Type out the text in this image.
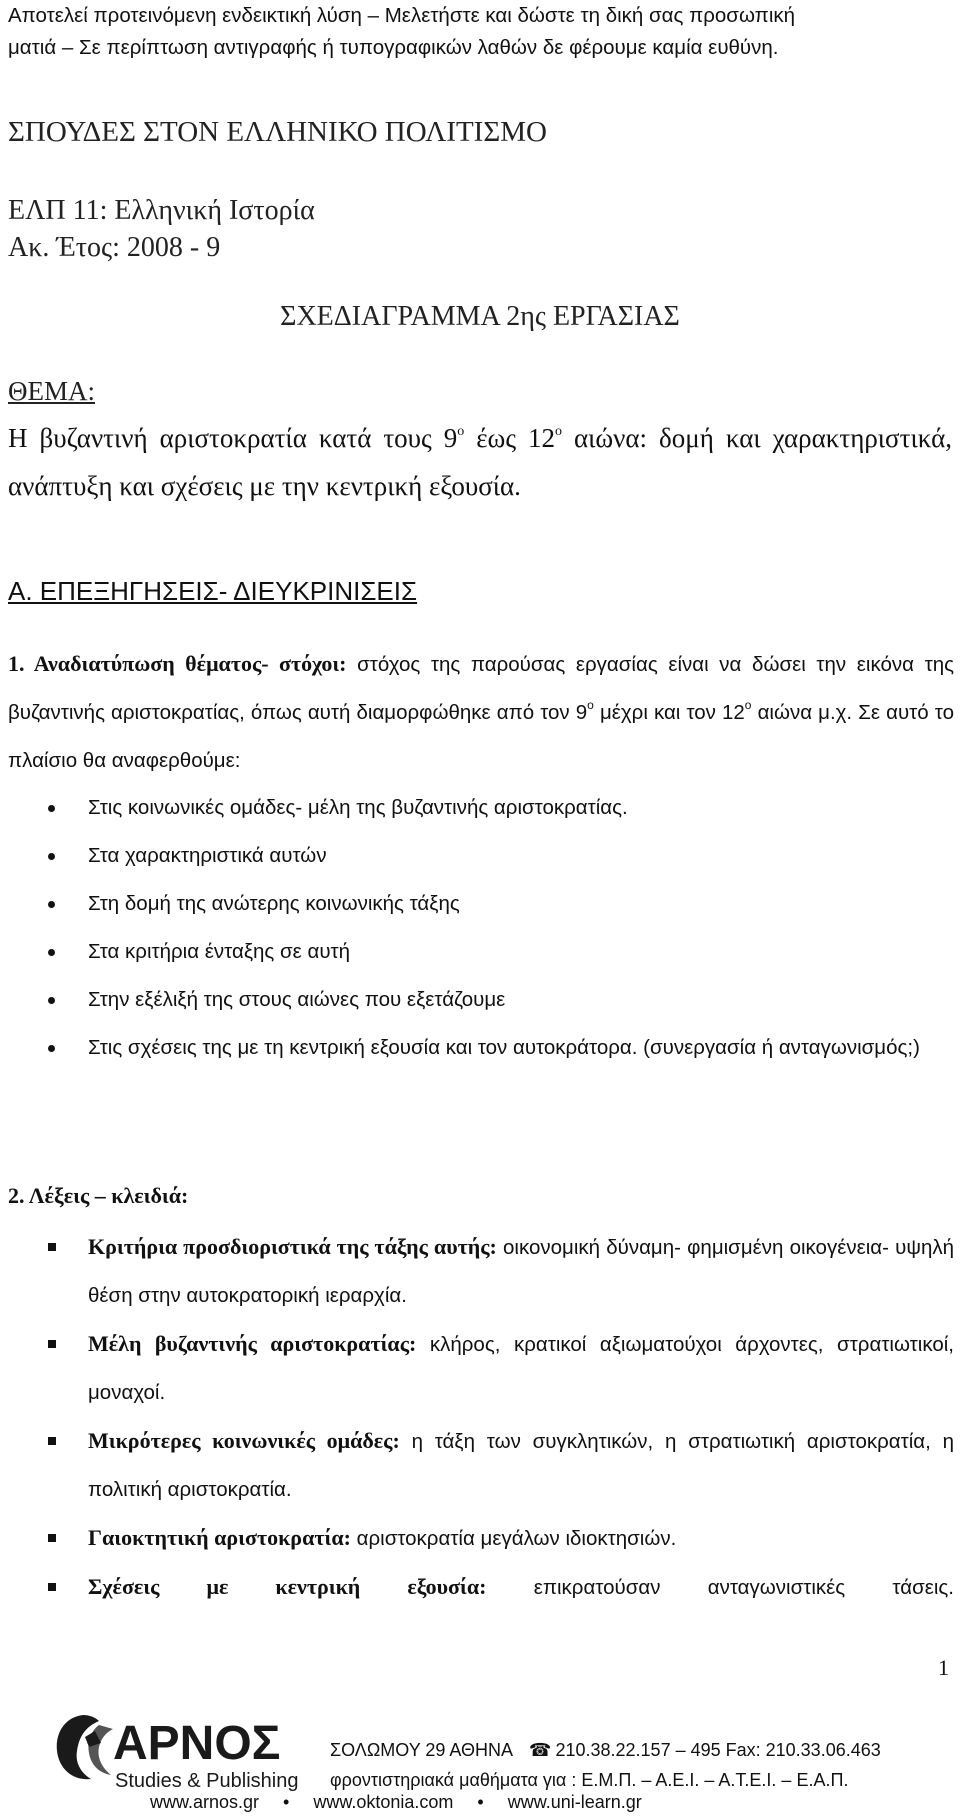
Αποτελεί προτεινόμενη ενδεικτική λύση – Μελετήστε και δώστε τη δική σας προσωπική
ματιά – Σε περίπτωση αντιγραφής ή τυπογραφικών λαθών δε φέρουμε καμία ευθύνη.
ΣΠΟΥΔΕΣ ΣΤΟΝ ΕΛΛΗΝΙΚΟ ΠΟΛΙΤΙΣΜΟ
ΕΛΠ 11: Ελληνική Ιστορία
Ακ. Έτος: 2008 - 9
ΣΧΕΔΙΑΓΡΑΜΜΑ 2ης ΕΡΓΑΣΙΑΣ
ΘΕΜΑ:
Η βυζαντινή αριστοκρατία κατά τους $9^o$ έως $12^o$ αιώνα: δομή και χαρακτηριστικά, ανάπτυξη και σχέσεις με την κεντρική εξουσία.
Α. ΕΠΕΞΗΓΗΣΕΙΣ- ΔΙΕΥΚΡΙΝΙΣΕΙΣ
1. Αναδιατύπωση θέματος- στόχοι: στόχος της παρούσας εργασίας είναι να δώσει την εικόνα της βυζαντινής αριστοκρατίας, όπως αυτή διαμορφώθηκε από τον $9^o$ μέχρι και τον $12^o$ αιώνα μ.χ. Σε αυτό το πλαίσιο θα αναφερθούμε:
Στις κοινωνικές ομάδες- μέλη της βυζαντινής αριστοκρατίας.
Στα χαρακτηριστικά αυτών
Στη δομή της ανώτερης κοινωνικής τάξης
Στα κριτήρια ένταξης σε αυτή
Στην εξέλιξή της στους αιώνες που εξετάζουμε
Στις σχέσεις της με τη κεντρική εξουσία και τον αυτοκράτορα. (συνεργασία ή ανταγωνισμός;)
2. Λέξεις – κλειδιά:
Κριτήρια προσδιοριστικά της τάξης αυτής: οικονομική δύναμη- φημισμένη οικογένεια- υψηλή θέση στην αυτοκρατορική ιεραρχία.
Μέλη βυζαντινής αριστοκρατίας: κλήρος, κρατικοί αξιωματούχοι άρχοντες, στρατιωτικοί, μοναχοί.
Μικρότερες κοινωνικές ομάδες: η τάξη των συγκλητικών, η στρατιωτική αριστοκρατία, η πολιτική αριστοκρατία.
Γαιοκτητική αριστοκρατία: αριστοκρατία μεγάλων ιδιοκτησιών.
Σχέσεις με κεντρική εξουσία: επικρατούσαν ανταγωνιστικές τάσεις.
1
ΑΡΝΟΣ
Studies & Publishing
ΣΟΛΩΜΟΥ 29 ΑΘΗΝΑ ☎ 210.38.22.157 – 495 Fax: 210.33.06.463
φροντιστηριακά μαθήματα για : Ε.Μ.Π. – Α.Ε.Ι. – Α.Τ.Ε.Ι. – Ε.Α.Π.
www.arnos.gr • www.oktonia.com • www.uni-learn.gr
